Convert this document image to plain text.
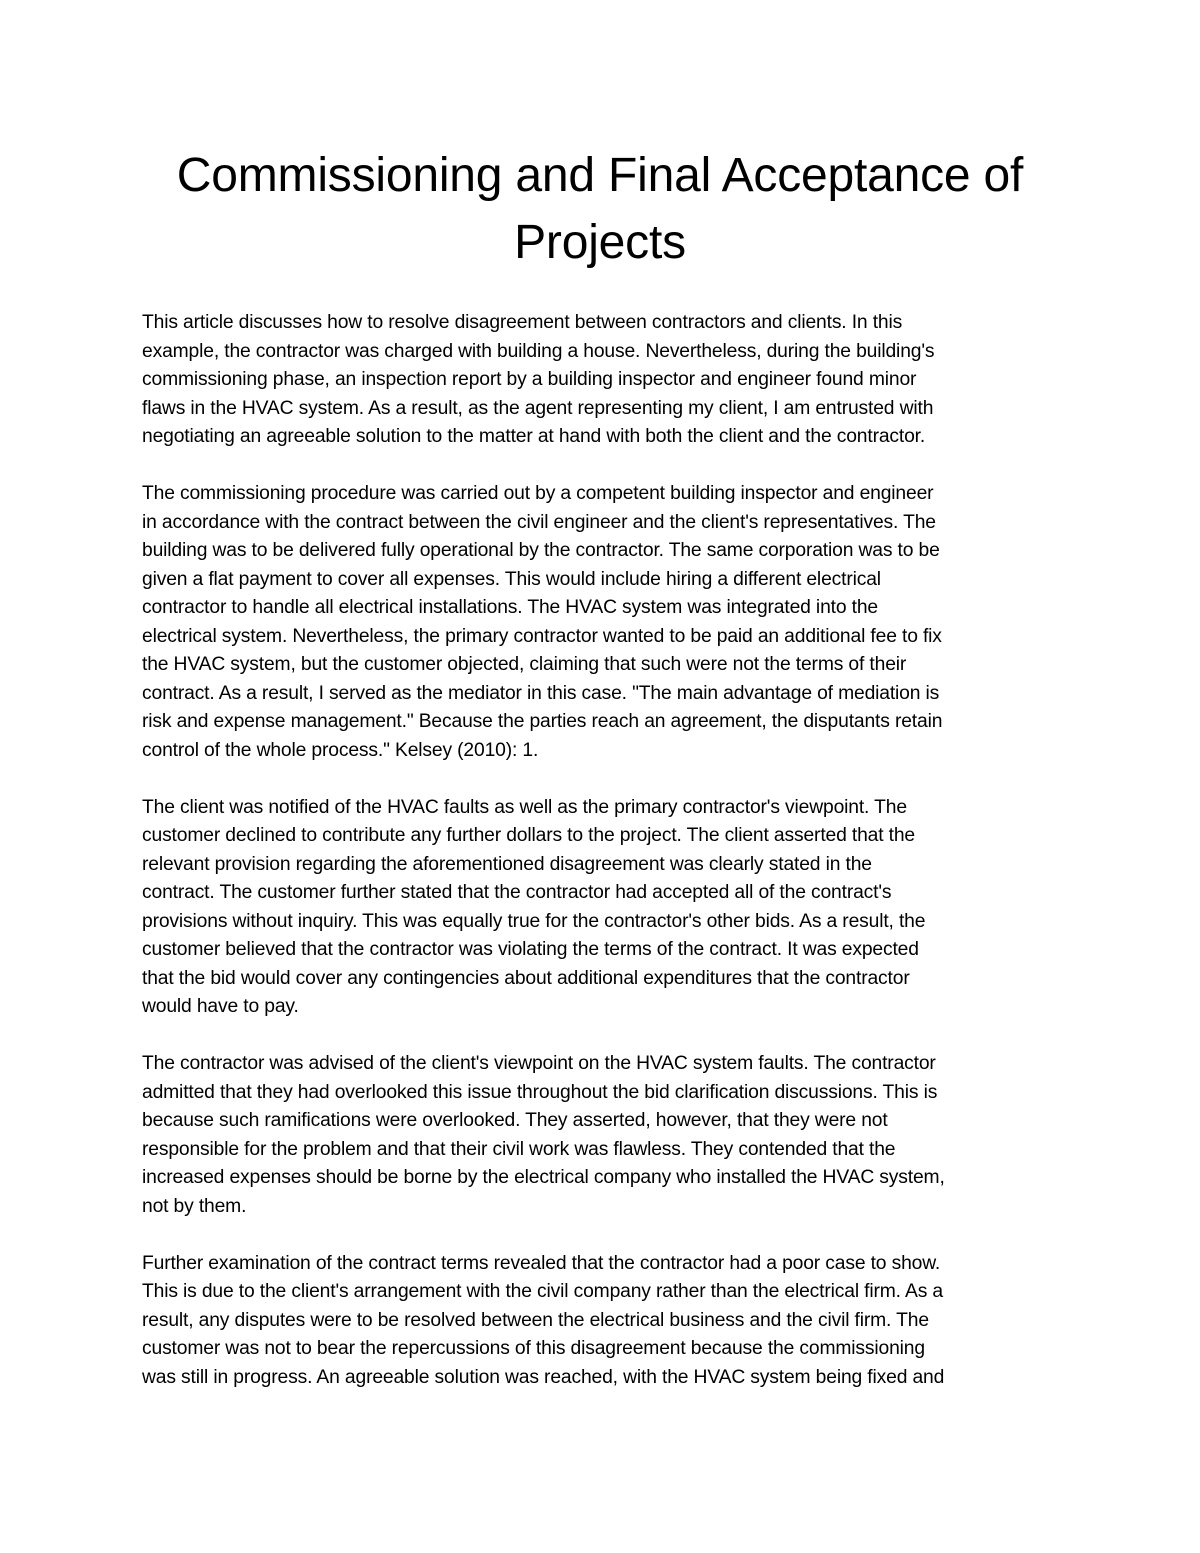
Commissioning and Final Acceptance of Projects

This article discusses how to resolve disagreement between contractors and clients. In this
example, the contractor was charged with building a house. Nevertheless, during the building's
commissioning phase, an inspection report by a building inspector and engineer found minor
flaws in the HVAC system. As a result, as the agent representing my client, I am entrusted with
negotiating an agreeable solution to the matter at hand with both the client and the contractor.

The commissioning procedure was carried out by a competent building inspector and engineer
in accordance with the contract between the civil engineer and the client's representatives. The
building was to be delivered fully operational by the contractor. The same corporation was to be
given a flat payment to cover all expenses. This would include hiring a different electrical
contractor to handle all electrical installations. The HVAC system was integrated into the
electrical system. Nevertheless, the primary contractor wanted to be paid an additional fee to fix
the HVAC system, but the customer objected, claiming that such were not the terms of their
contract. As a result, I served as the mediator in this case. "The main advantage of mediation is
risk and expense management." Because the parties reach an agreement, the disputants retain
control of the whole process." Kelsey (2010): 1.

The client was notified of the HVAC faults as well as the primary contractor's viewpoint. The
customer declined to contribute any further dollars to the project. The client asserted that the
relevant provision regarding the aforementioned disagreement was clearly stated in the
contract. The customer further stated that the contractor had accepted all of the contract's
provisions without inquiry. This was equally true for the contractor's other bids. As a result, the
customer believed that the contractor was violating the terms of the contract. It was expected
that the bid would cover any contingencies about additional expenditures that the contractor
would have to pay.

The contractor was advised of the client's viewpoint on the HVAC system faults. The contractor
admitted that they had overlooked this issue throughout the bid clarification discussions. This is
because such ramifications were overlooked. They asserted, however, that they were not
responsible for the problem and that their civil work was flawless. They contended that the
increased expenses should be borne by the electrical company who installed the HVAC system,
not by them.

Further examination of the contract terms revealed that the contractor had a poor case to show.
This is due to the client's arrangement with the civil company rather than the electrical firm. As a
result, any disputes were to be resolved between the electrical business and the civil firm. The
customer was not to bear the repercussions of this disagreement because the commissioning
was still in progress. An agreeable solution was reached, with the HVAC system being fixed and
